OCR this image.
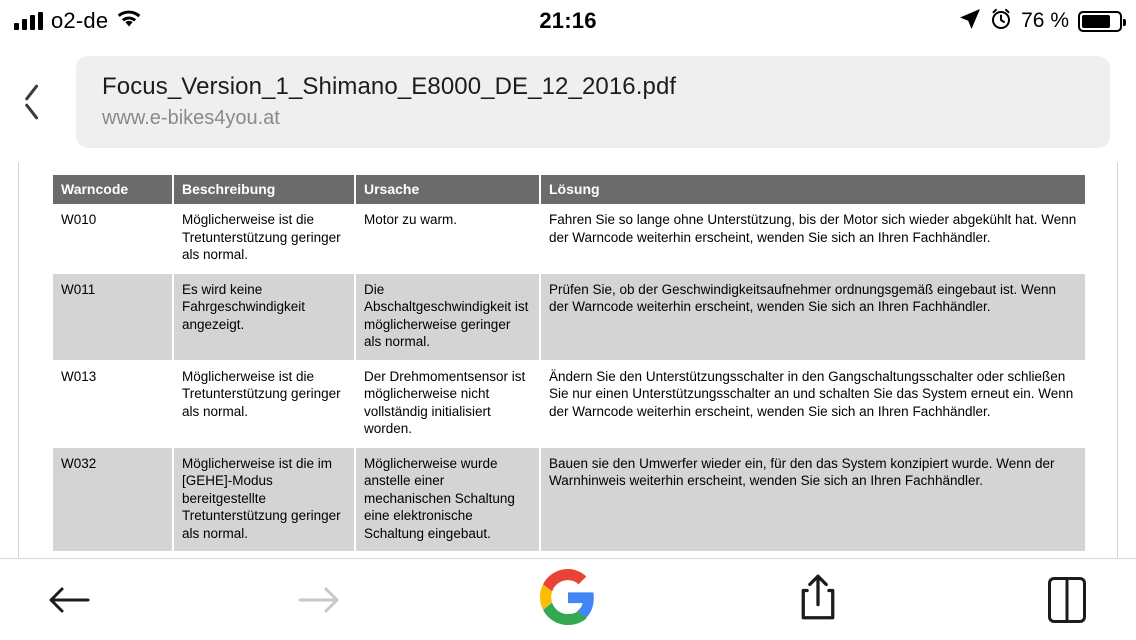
o2-de	21:16	76 %
Focus_Version_1_Shimano_E8000_DE_12_2016.pdf
www.e-bikes4you.at
Warncode	Beschreibung	Ursache	Lösung
W010	Möglicherweise ist die Tretunterstützung geringer als normal.	Motor zu warm.	Fahren Sie so lange ohne Unterstützung, bis der Motor sich wieder abgekühlt hat. Wenn der Warncode weiterhin erscheint, wenden Sie sich an Ihren Fachhändler.
W011	Es wird keine Fahrgeschwindigkeit angezeigt.	Die Abschaltgeschwindigkeit ist möglicherweise geringer als normal.	Prüfen Sie, ob der Geschwindigkeitsaufnehmer ordnungsgemäß eingebaut ist. Wenn der Warncode weiterhin erscheint, wenden Sie sich an Ihren Fachhändler.
W013	Möglicherweise ist die Tretunterstützung geringer als normal.	Der Drehmomentsensor ist möglicherweise nicht vollständig initialisiert worden.	Ändern Sie den Unterstützungsschalter in den Gangschaltungsschalter oder schließen Sie nur einen Unterstützungsschalter an und schalten Sie das System erneut ein. Wenn der Warncode weiterhin erscheint, wenden Sie sich an Ihren Fachhändler.
W032	Möglicherweise ist die im [GEHE]-Modus bereitgestellte Tretunterstützung geringer als normal.	Möglicherweise wurde anstelle einer mechanischen Schaltung eine elektronische Schaltung eingebaut.	Bauen sie den Umwerfer wieder ein, für den das System konzipiert wurde. Wenn der Warnhinweis weiterhin erscheint, wenden Sie sich an Ihren Fachhändler.
